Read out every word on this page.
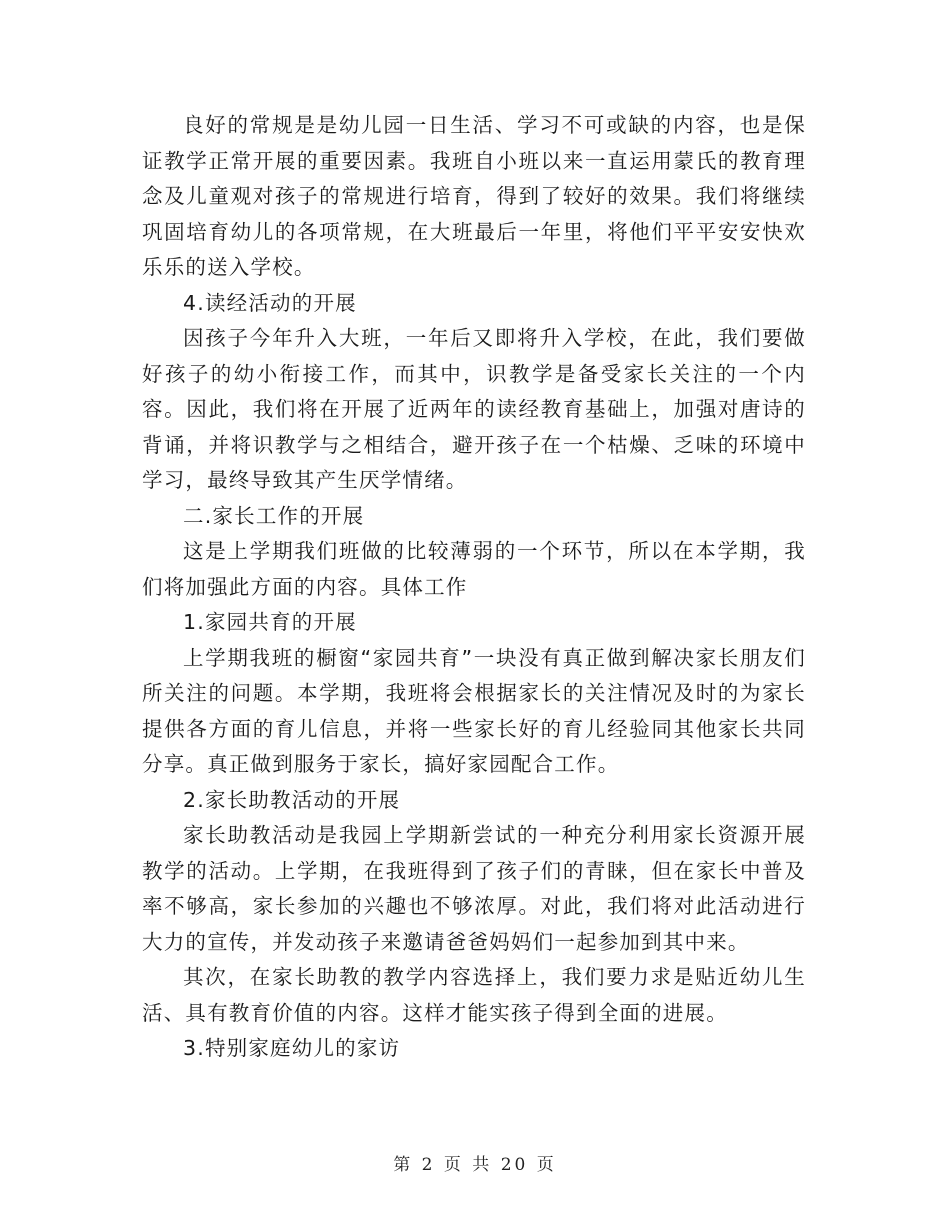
良好的常规是是幼儿园一日生活、学习不可或缺的内容，也是保证教学正常开展的重要因素。我班自小班以来一直运用蒙氏的教育理念及儿童观对孩子的常规进行培育，得到了较好的效果。我们将继续巩固培育幼儿的各项常规，在大班最后一年里，将他们平平安安快欢乐乐的送入学校。

4.读经活动的开展

因孩子今年升入大班，一年后又即将升入学校，在此，我们要做好孩子的幼小衔接工作，而其中，识教学是备受家长关注的一个内容。因此，我们将在开展了近两年的读经教育基础上，加强对唐诗的背诵，并将识教学与之相结合，避开孩子在一个枯燥、乏味的环境中学习，最终导致其产生厌学情绪。

二.家长工作的开展

这是上学期我们班做的比较薄弱的一个环节，所以在本学期，我们将加强此方面的内容。具体工作

1.家园共育的开展

上学期我班的橱窗“家园共育”一块没有真正做到解决家长朋友们所关注的问题。本学期，我班将会根据家长的关注情况及时的为家长提供各方面的育儿信息，并将一些家长好的育儿经验同其他家长共同分享。真正做到服务于家长，搞好家园配合工作。

2.家长助教活动的开展

家长助教活动是我园上学期新尝试的一种充分利用家长资源开展教学的活动。上学期，在我班得到了孩子们的青睐，但在家长中普及率不够高，家长参加的兴趣也不够浓厚。对此，我们将对此活动进行大力的宣传，并发动孩子来邀请爸爸妈妈们一起参加到其中来。

其次，在家长助教的教学内容选择上，我们要力求是贴近幼儿生活、具有教育价值的内容。这样才能实孩子得到全面的进展。

3.特别家庭幼儿的家访

第 2 页 共 20 页
